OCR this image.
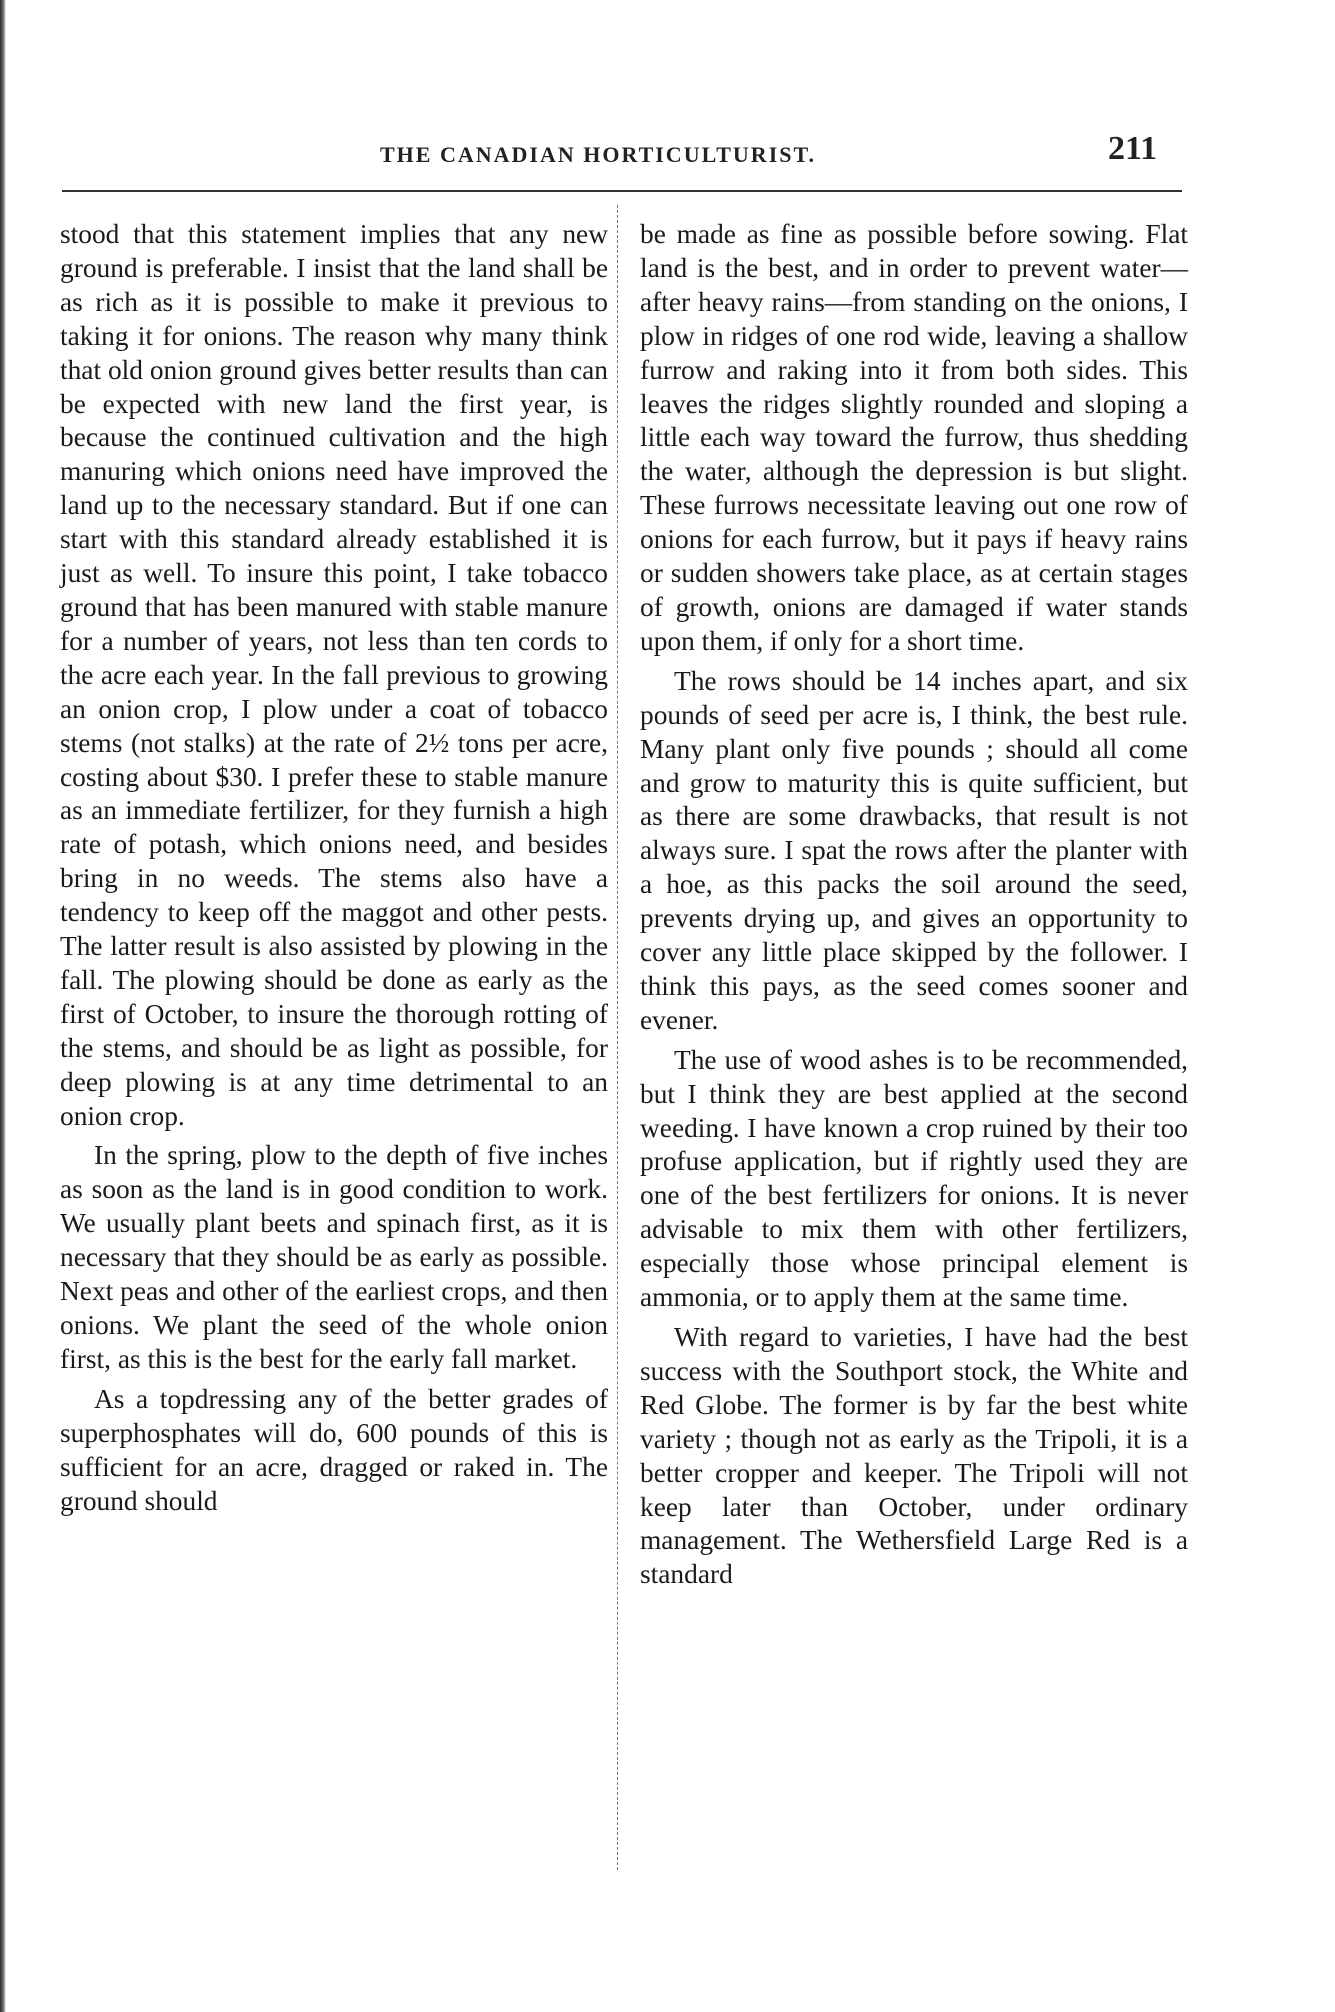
THE CANADIAN HORTICULTURIST.	211

stood that this statement implies that any new ground is preferable. I insist that the land shall be as rich as it is possible to make it previous to taking it for onions. The reason why many think that old onion ground gives better results than can be expected with new land the first year, is because the continued cultivation and the high manuring which onions need have improved the land up to the necessary standard. But if one can start with this standard already established it is just as well. To insure this point, I take tobacco ground that has been manured with stable manure for a number of years, not less than ten cords to the acre each year. In the fall previous to growing an onion crop, I plow under a coat of tobacco stems (not stalks) at the rate of 2½ tons per acre, costing about $30. I prefer these to stable manure as an immediate fertilizer, for they furnish a high rate of potash, which onions need, and besides bring in no weeds. The stems also have a tendency to keep off the maggot and other pests. The latter result is also assisted by plowing in the fall. The plowing should be done as early as the first of October, to insure the thorough rotting of the stems, and should be as light as possible, for deep plowing is at any time detrimental to an onion crop.

In the spring, plow to the depth of five inches as soon as the land is in good condition to work. We usually plant beets and spinach first, as it is necessary that they should be as early as possible. Next peas and other of the earliest crops, and then onions. We plant the seed of the whole onion first, as this is the best for the early fall market.

As a topdressing any of the better grades of superphosphates will do, 600 pounds of this is sufficient for an acre, dragged or raked in. The ground should

be made as fine as possible before sowing. Flat land is the best, and in order to prevent water—after heavy rains—from standing on the onions, I plow in ridges of one rod wide, leaving a shallow furrow and raking into it from both sides. This leaves the ridges slightly rounded and sloping a little each way toward the furrow, thus shedding the water, although the depression is but slight. These furrows necessitate leaving out one row of onions for each furrow, but it pays if heavy rains or sudden showers take place, as at certain stages of growth, onions are damaged if water stands upon them, if only for a short time.

The rows should be 14 inches apart, and six pounds of seed per acre is, I think, the best rule. Many plant only five pounds ; should all come and grow to maturity this is quite sufficient, but as there are some drawbacks, that result is not always sure. I spat the rows after the planter with a hoe, as this packs the soil around the seed, prevents drying up, and gives an opportunity to cover any little place skipped by the follower. I think this pays, as the seed comes sooner and evener.

The use of wood ashes is to be recommended, but I think they are best applied at the second weeding. I have known a crop ruined by their too profuse application, but if rightly used they are one of the best fertilizers for onions. It is never advisable to mix them with other fertilizers, especially those whose principal element is ammonia, or to apply them at the same time.

With regard to varieties, I have had the best success with the Southport stock, the White and Red Globe. The former is by far the best white variety ; though not as early as the Tripoli, it is a better cropper and keeper. The Tripoli will not keep later than October, under ordinary management. The Wethersfield Large Red is a standard
